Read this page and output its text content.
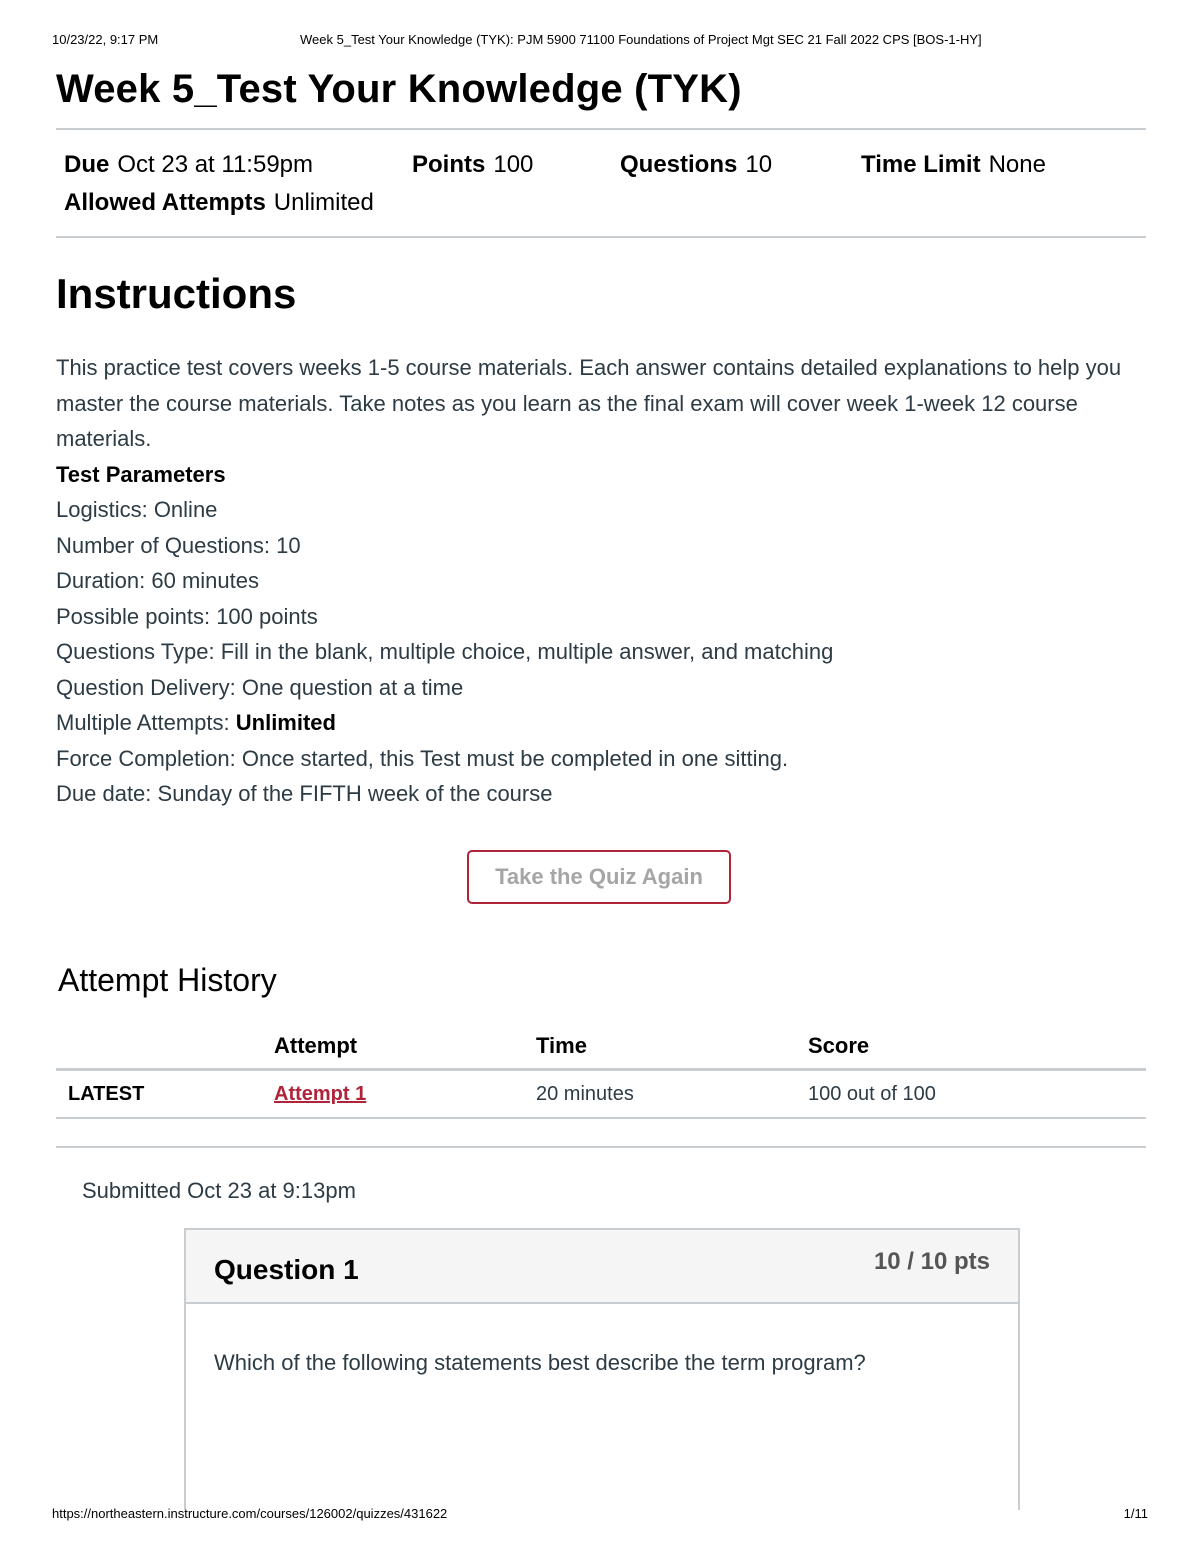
10/23/22, 9:17 PM	Week 5_Test Your Knowledge (TYK): PJM 5900 71100 Foundations of Project Mgt SEC 21 Fall 2022 CPS [BOS-1-HY]
Week 5_Test Your Knowledge (TYK)
Due Oct 23 at 11:59pm	Points 100	Questions 10	Time Limit None
Allowed Attempts Unlimited
Instructions

This practice test covers weeks 1-5 course materials. Each answer contains detailed explanations to help you master the course materials. Take notes as you learn as the final exam will cover week 1-week 12 course materials.

Test Parameters

Logistics: Online

Number of Questions: 10

Duration: 60 minutes

Possible points: 100 points

Questions Type: Fill in the blank, multiple choice, multiple answer, and matching

Question Delivery: One question at a time

Multiple Attempts: Unlimited

Force Completion: Once started, this Test must be completed in one sitting.

Due date: Sunday of the FIFTH week of the course

Take the Quiz Again
Attempt History
	Attempt	Time	Score
LATEST	Attempt 1	20 minutes	100 out of 100
Submitted Oct 23 at 9:13pm
Question 1	10 / 10 pts
Which of the following statements best describe the term program?
https://northeastern.instructure.com/courses/126002/quizzes/431622	1/11
